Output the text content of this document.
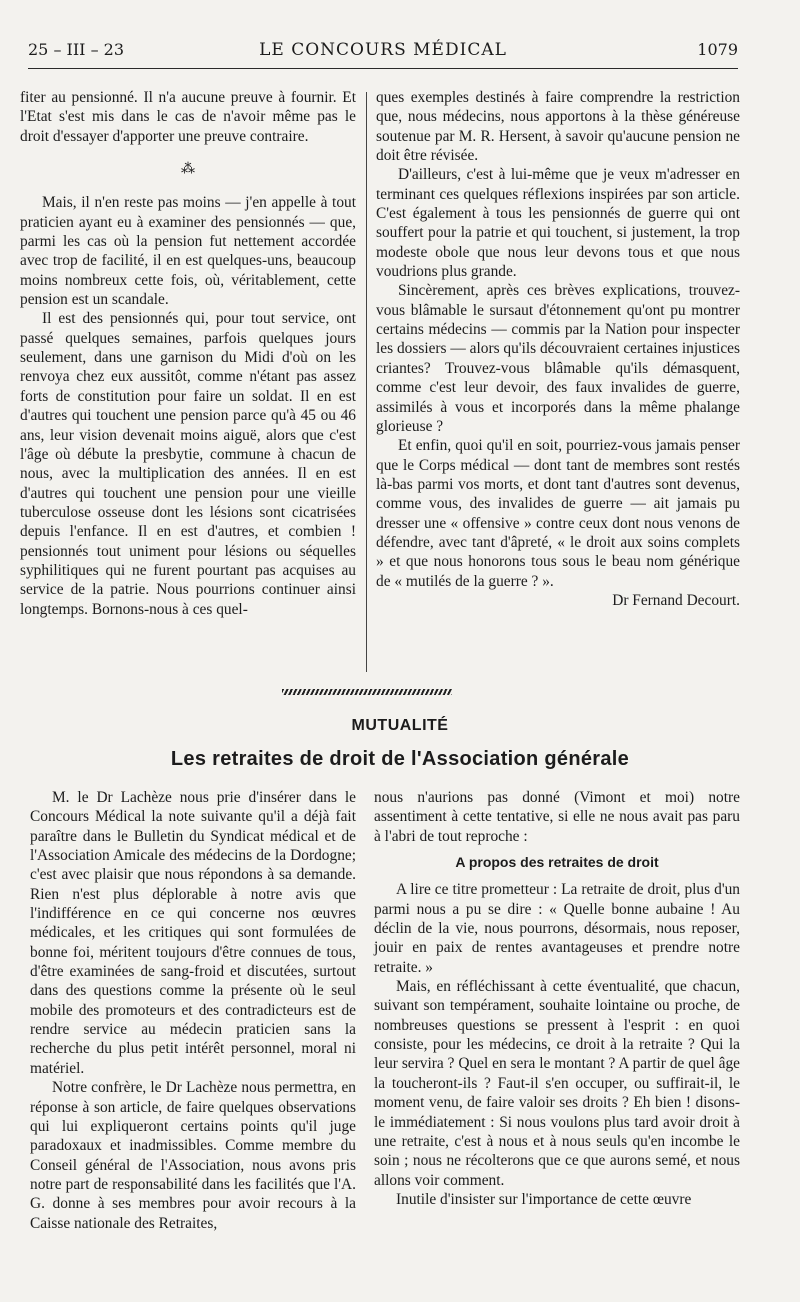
25 – III – 23	LE CONCOURS MÉDICAL	1079

fiter au pensionné. Il n'a aucune preuve à fournir. Et l'Etat s'est mis dans le cas de n'avoir même pas le droit d'essayer d'apporter une preuve contraire.

⁂

Mais, il n'en reste pas moins — j'en appelle à tout praticien ayant eu à examiner des pensionnés — que, parmi les cas où la pension fut nettement accordée avec trop de facilité, il en est quelques-uns, beaucoup moins nombreux cette fois, où, véritablement, cette pension est un scandale.

Il est des pensionnés qui, pour tout service, ont passé quelques semaines, parfois quelques jours seulement, dans une garnison du Midi d'où on les renvoya chez eux aussitôt, comme n'étant pas assez forts de constitution pour faire un soldat. Il en est d'autres qui touchent une pension parce qu'à 45 ou 46 ans, leur vision devenait moins aiguë, alors que c'est l'âge où débute la presbytie, commune à chacun de nous, avec la multiplication des années. Il en est d'autres qui touchent une pension pour une vieille tuberculose osseuse dont les lésions sont cicatrisées depuis l'enfance. Il en est d'autres, et combien ! pensionnés tout uniment pour lésions ou séquelles syphilitiques qui ne furent pourtant pas acquises au service de la patrie. Nous pourrions continuer ainsi longtemps. Bornons-nous à ces quel-

ques exemples destinés à faire comprendre la restriction que, nous médecins, nous apportons à la thèse généreuse soutenue par M. R. Hersent, à savoir qu'aucune pension ne doit être révisée.

D'ailleurs, c'est à lui-même que je veux m'adresser en terminant ces quelques réflexions inspirées par son article. C'est également à tous les pensionnés de guerre qui ont souffert pour la patrie et qui touchent, si justement, la trop modeste obole que nous leur devons tous et que nous voudrions plus grande.

Sincèrement, après ces brèves explications, trouvez-vous blâmable le sursaut d'étonnement qu'ont pu montrer certains médecins — commis par la Nation pour inspecter les dossiers — alors qu'ils découvraient certaines injustices criantes? Trouvez-vous blâmable qu'ils démasquent, comme c'est leur devoir, des faux invalides de guerre, assimilés à vous et incorporés dans la même phalange glorieuse ?

Et enfin, quoi qu'il en soit, pourriez-vous jamais penser que le Corps médical — dont tant de membres sont restés là-bas parmi vos morts, et dont tant d'autres sont devenus, comme vous, des invalides de guerre — ait jamais pu dresser une « offensive » contre ceux dont nous venons de défendre, avec tant d'âpreté, « le droit aux soins complets » et que nous honorons tous sous le beau nom générique de « mutilés de la guerre ? ».

Dr Fernand Decourt.

MUTUALITÉ
Les retraites de droit de l'Association générale

M. le Dr Lachèze nous prie d'insérer dans le Concours Médical la note suivante qu'il a déjà fait paraître dans le Bulletin du Syndicat médical et de l'Association Amicale des médecins de la Dordogne; c'est avec plaisir que nous répondons à sa demande. Rien n'est plus déplorable à notre avis que l'indifférence en ce qui concerne nos œuvres médicales, et les critiques qui sont formulées de bonne foi, méritent toujours d'être connues de tous, d'être examinées de sang-froid et discutées, surtout dans des questions comme la présente où le seul mobile des promoteurs et des contradicteurs est de rendre service au médecin praticien sans la recherche du plus petit intérêt personnel, moral ni matériel.

Notre confrère, le Dr Lachèze nous permettra, en réponse à son article, de faire quelques observations qui lui expliqueront certains points qu'il juge paradoxaux et inadmissibles. Comme membre du Conseil général de l'Association, nous avons pris notre part de responsabilité dans les facilités que l'A. G. donne à ses membres pour avoir recours à la Caisse nationale des Retraites,

nous n'aurions pas donné (Vimont et moi) notre assentiment à cette tentative, si elle ne nous avait pas paru à l'abri de tout reproche :

A propos des retraites de droit

A lire ce titre prometteur : La retraite de droit, plus d'un parmi nous a pu se dire : « Quelle bonne aubaine ! Au déclin de la vie, nous pourrons, désormais, nous reposer, jouir en paix de rentes avantageuses et prendre notre retraite. »

Mais, en réfléchissant à cette éventualité, que chacun, suivant son tempérament, souhaite lointaine ou proche, de nombreuses questions se pressent à l'esprit : en quoi consiste, pour les médecins, ce droit à la retraite ? Qui la leur servira ? Quel en sera le montant ? A partir de quel âge la toucheront-ils ? Faut-il s'en occuper, ou suffirait-il, le moment venu, de faire valoir ses droits ? Eh bien ! disons-le immédiatement : Si nous voulons plus tard avoir droit à une retraite, c'est à nous et à nous seuls qu'en incombe le soin ; nous ne récolterons que ce que aurons semé, et nous allons voir comment.

Inutile d'insister sur l'importance de cette œuvre
